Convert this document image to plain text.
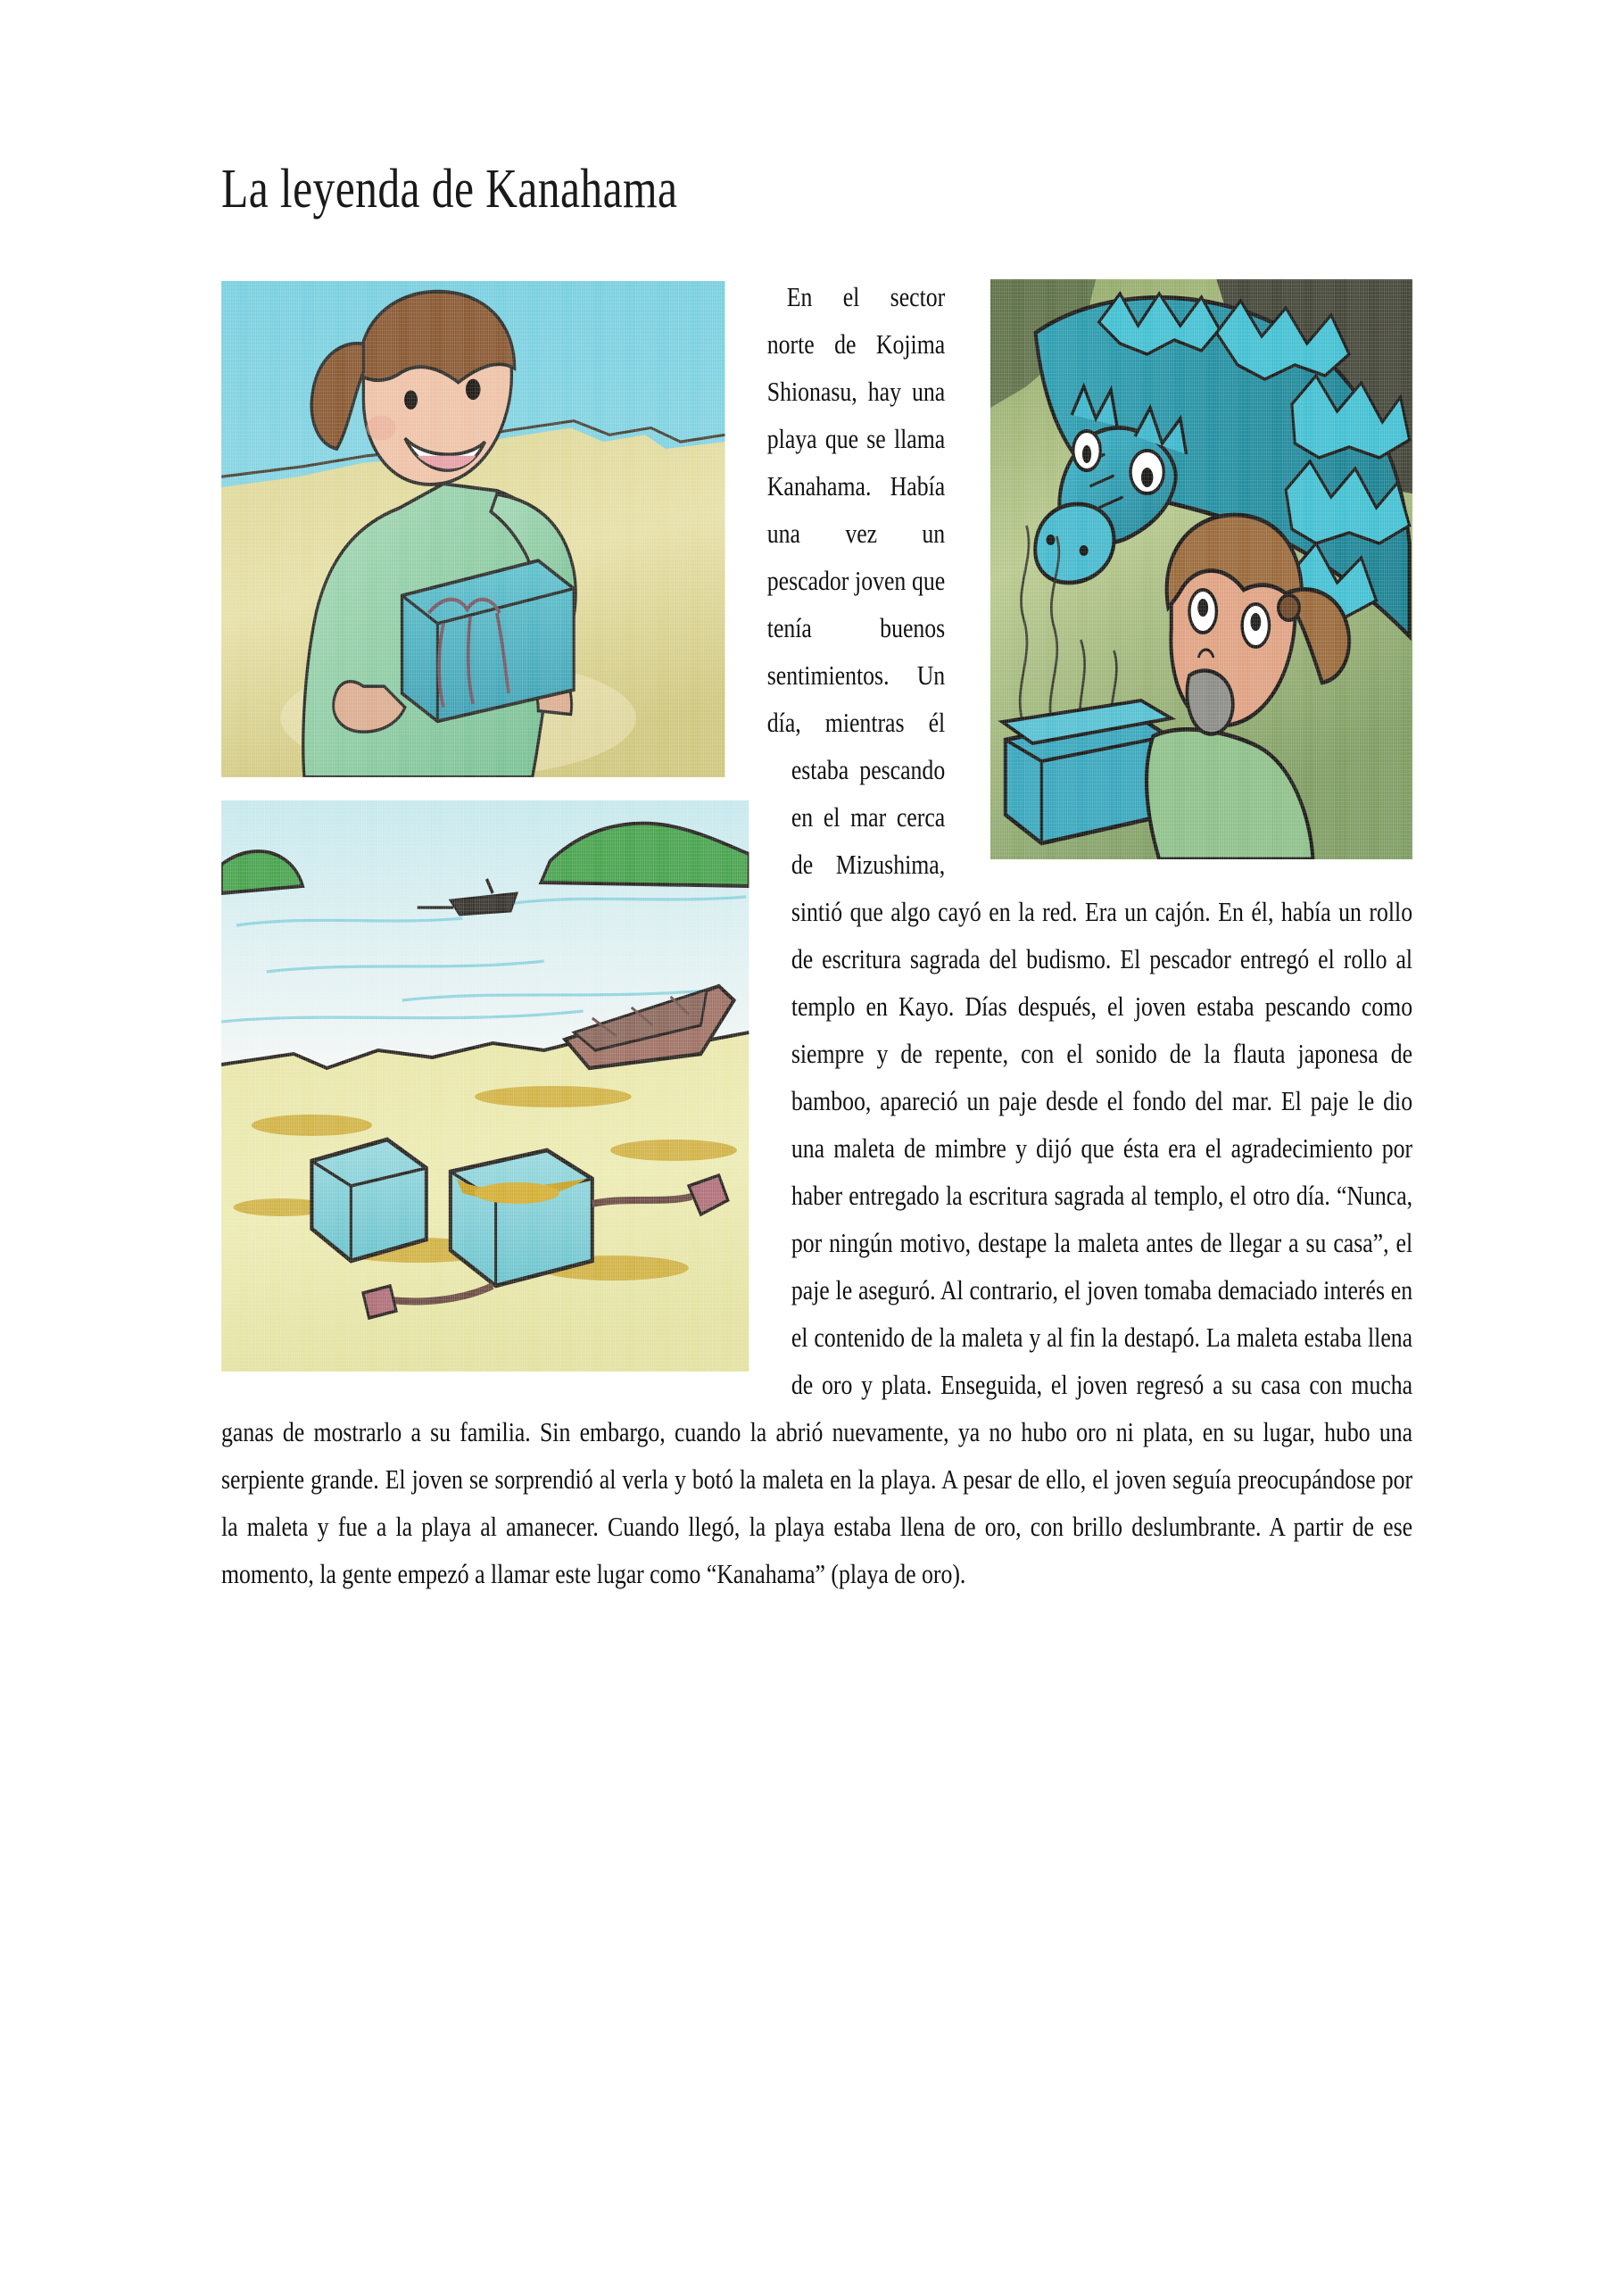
La leyenda de Kanahama

En el sector norte de Kojima Shionasu, hay una playa que se llama Kanahama. Había una vez un pescador joven que tenía buenos sentimientos. Un día, mientras él estaba pescando en el mar cerca de Mizushima, sintió que algo cayó en la red. Era un cajón. En él, había un rollo de escritura sagrada del budismo. El pescador entregó el rollo al templo en Kayo. Días después, el joven estaba pescando como siempre y de repente, con el sonido de la flauta japonesa de bamboo, apareció un paje desde el fondo del mar. El paje le dio una maleta de mimbre y dijó que ésta era el agradecimiento por haber entregado la escritura sagrada al templo, el otro día. “Nunca, por ningún motivo, destape la maleta antes de llegar a su casa”, el paje le aseguró. Al contrario, el joven tomaba demaciado interés en el contenido de la maleta y al fin la destapó. La maleta estaba llena de oro y plata. Enseguida, el joven regresó a su casa con mucha ganas de mostrarlo a su familia. Sin embargo, cuando la abrió nuevamente, ya no hubo oro ni plata, en su lugar, hubo una serpiente grande. El joven se sorprendió al verla y botó la maleta en la playa. A pesar de ello, el joven seguía preocupándose por la maleta y fue a la playa al amanecer. Cuando llegó, la playa estaba llena de oro, con brillo deslumbrante. A partir de ese momento, la gente empezó a llamar este lugar como “Kanahama” (playa de oro).
